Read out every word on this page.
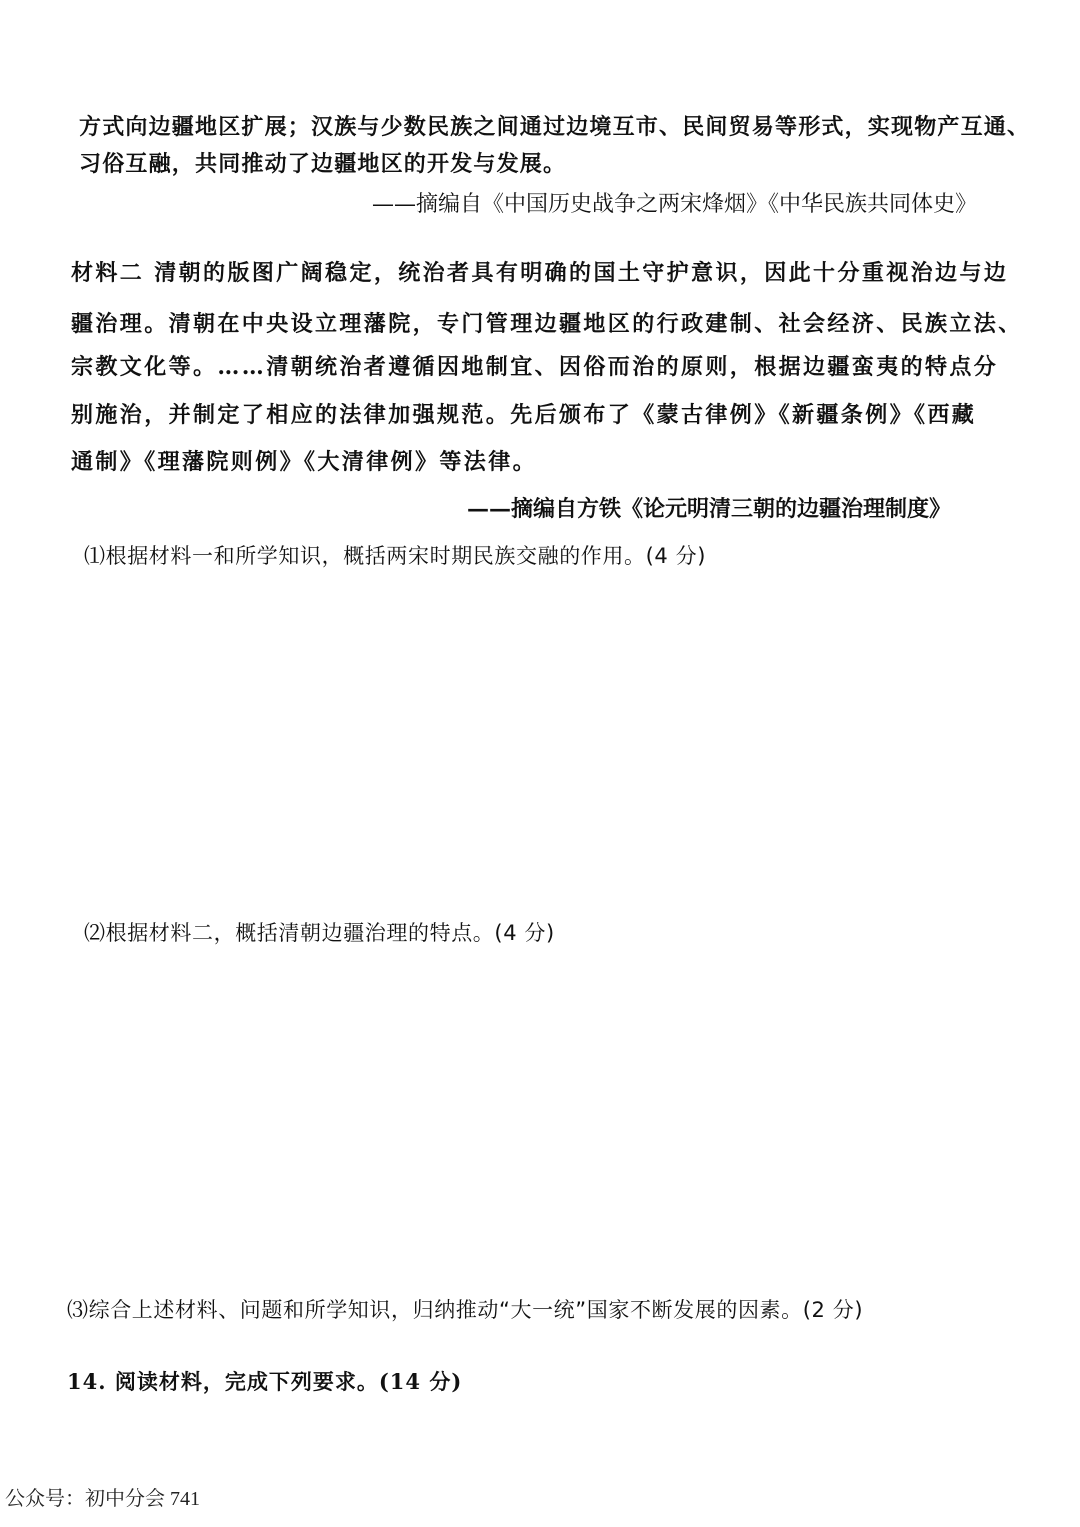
方式向边疆地区扩展；汉族与少数民族之间通过边境互市、民间贸易等形式，实现物产互通、
习俗互融，共同推动了边疆地区的开发与发展。
——摘编自《中国历史战争之两宋烽烟》《中华民族共同体史》
材料二 清朝的版图广阔稳定，统治者具有明确的国土守护意识，因此十分重视治边与边
疆治理。清朝在中央设立理藩院，专门管理边疆地区的行政建制、社会经济、民族立法、
宗教文化等。……清朝统治者遵循因地制宜、因俗而治的原则，根据边疆蛮夷的特点分
别施治，并制定了相应的法律加强规范。先后颁布了《蒙古律例》《新疆条例》《西藏
通制》《理藩院则例》《大清律例》等法律。
——摘编自方铁《论元明清三朝的边疆治理制度》
⑴根据材料一和所学知识，概括两宋时期民族交融的作用。(4 分)
⑵根据材料二，概括清朝边疆治理的特点。(4 分)
⑶综合上述材料、问题和所学知识，归纳推动“大一统”国家不断发展的因素。(2 分)
14. 阅读材料，完成下列要求。(14 分)
公众号：初中分会 741
